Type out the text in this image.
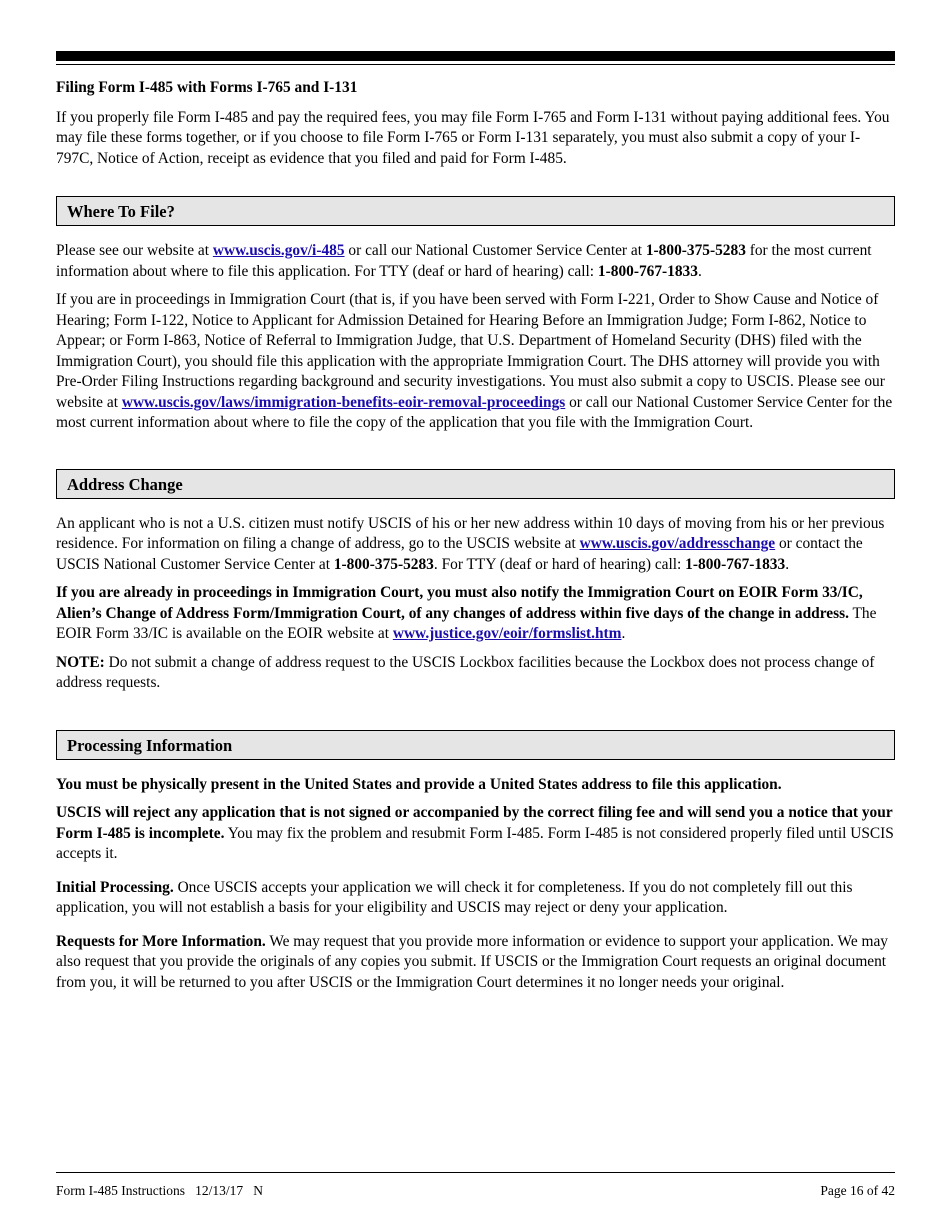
Filing Form I-485 with Forms I-765 and I-131

If you properly file Form I-485 and pay the required fees, you may file Form I-765 and Form I-131 without paying additional fees. You may file these forms together, or if you choose to file Form I-765 or Form I-131 separately, you must also submit a copy of your I-797C, Notice of Action, receipt as evidence that you filed and paid for Form I-485.

Where To File?

Please see our website at www.uscis.gov/i-485 or call our National Customer Service Center at 1-800-375-5283 for the most current information about where to file this application. For TTY (deaf or hard of hearing) call: 1-800-767-1833.

If you are in proceedings in Immigration Court (that is, if you have been served with Form I-221, Order to Show Cause and Notice of Hearing; Form I-122, Notice to Applicant for Admission Detained for Hearing Before an Immigration Judge; Form I-862, Notice to Appear; or Form I-863, Notice of Referral to Immigration Judge, that U.S. Department of Homeland Security (DHS) filed with the Immigration Court), you should file this application with the appropriate Immigration Court. The DHS attorney will provide you with Pre-Order Filing Instructions regarding background and security investigations. You must also submit a copy to USCIS. Please see our website at www.uscis.gov/laws/immigration-benefits-eoir-removal-proceedings or call our National Customer Service Center for the most current information about where to file the copy of the application that you file with the Immigration Court.

Address Change

An applicant who is not a U.S. citizen must notify USCIS of his or her new address within 10 days of moving from his or her previous residence. For information on filing a change of address, go to the USCIS website at www.uscis.gov/addresschange or contact the USCIS National Customer Service Center at 1-800-375-5283. For TTY (deaf or hard of hearing) call: 1-800-767-1833.

If you are already in proceedings in Immigration Court, you must also notify the Immigration Court on EOIR Form 33/IC, Alien’s Change of Address Form/Immigration Court, of any changes of address within five days of the change in address. The EOIR Form 33/IC is available on the EOIR website at www.justice.gov/eoir/formslist.htm.

NOTE: Do not submit a change of address request to the USCIS Lockbox facilities because the Lockbox does not process change of address requests.

Processing Information

You must be physically present in the United States and provide a United States address to file this application.

USCIS will reject any application that is not signed or accompanied by the correct filing fee and will send you a notice that your Form I-485 is incomplete. You may fix the problem and resubmit Form I-485. Form I-485 is not considered properly filed until USCIS accepts it.

Initial Processing. Once USCIS accepts your application we will check it for completeness. If you do not completely fill out this application, you will not establish a basis for your eligibility and USCIS may reject or deny your application.

Requests for More Information. We may request that you provide more information or evidence to support your application. We may also request that you provide the originals of any copies you submit. If USCIS or the Immigration Court requests an original document from you, it will be returned to you after USCIS or the Immigration Court determines it no longer needs your original.

Form I-485 Instructions   12/13/17   N	Page 16 of 42
